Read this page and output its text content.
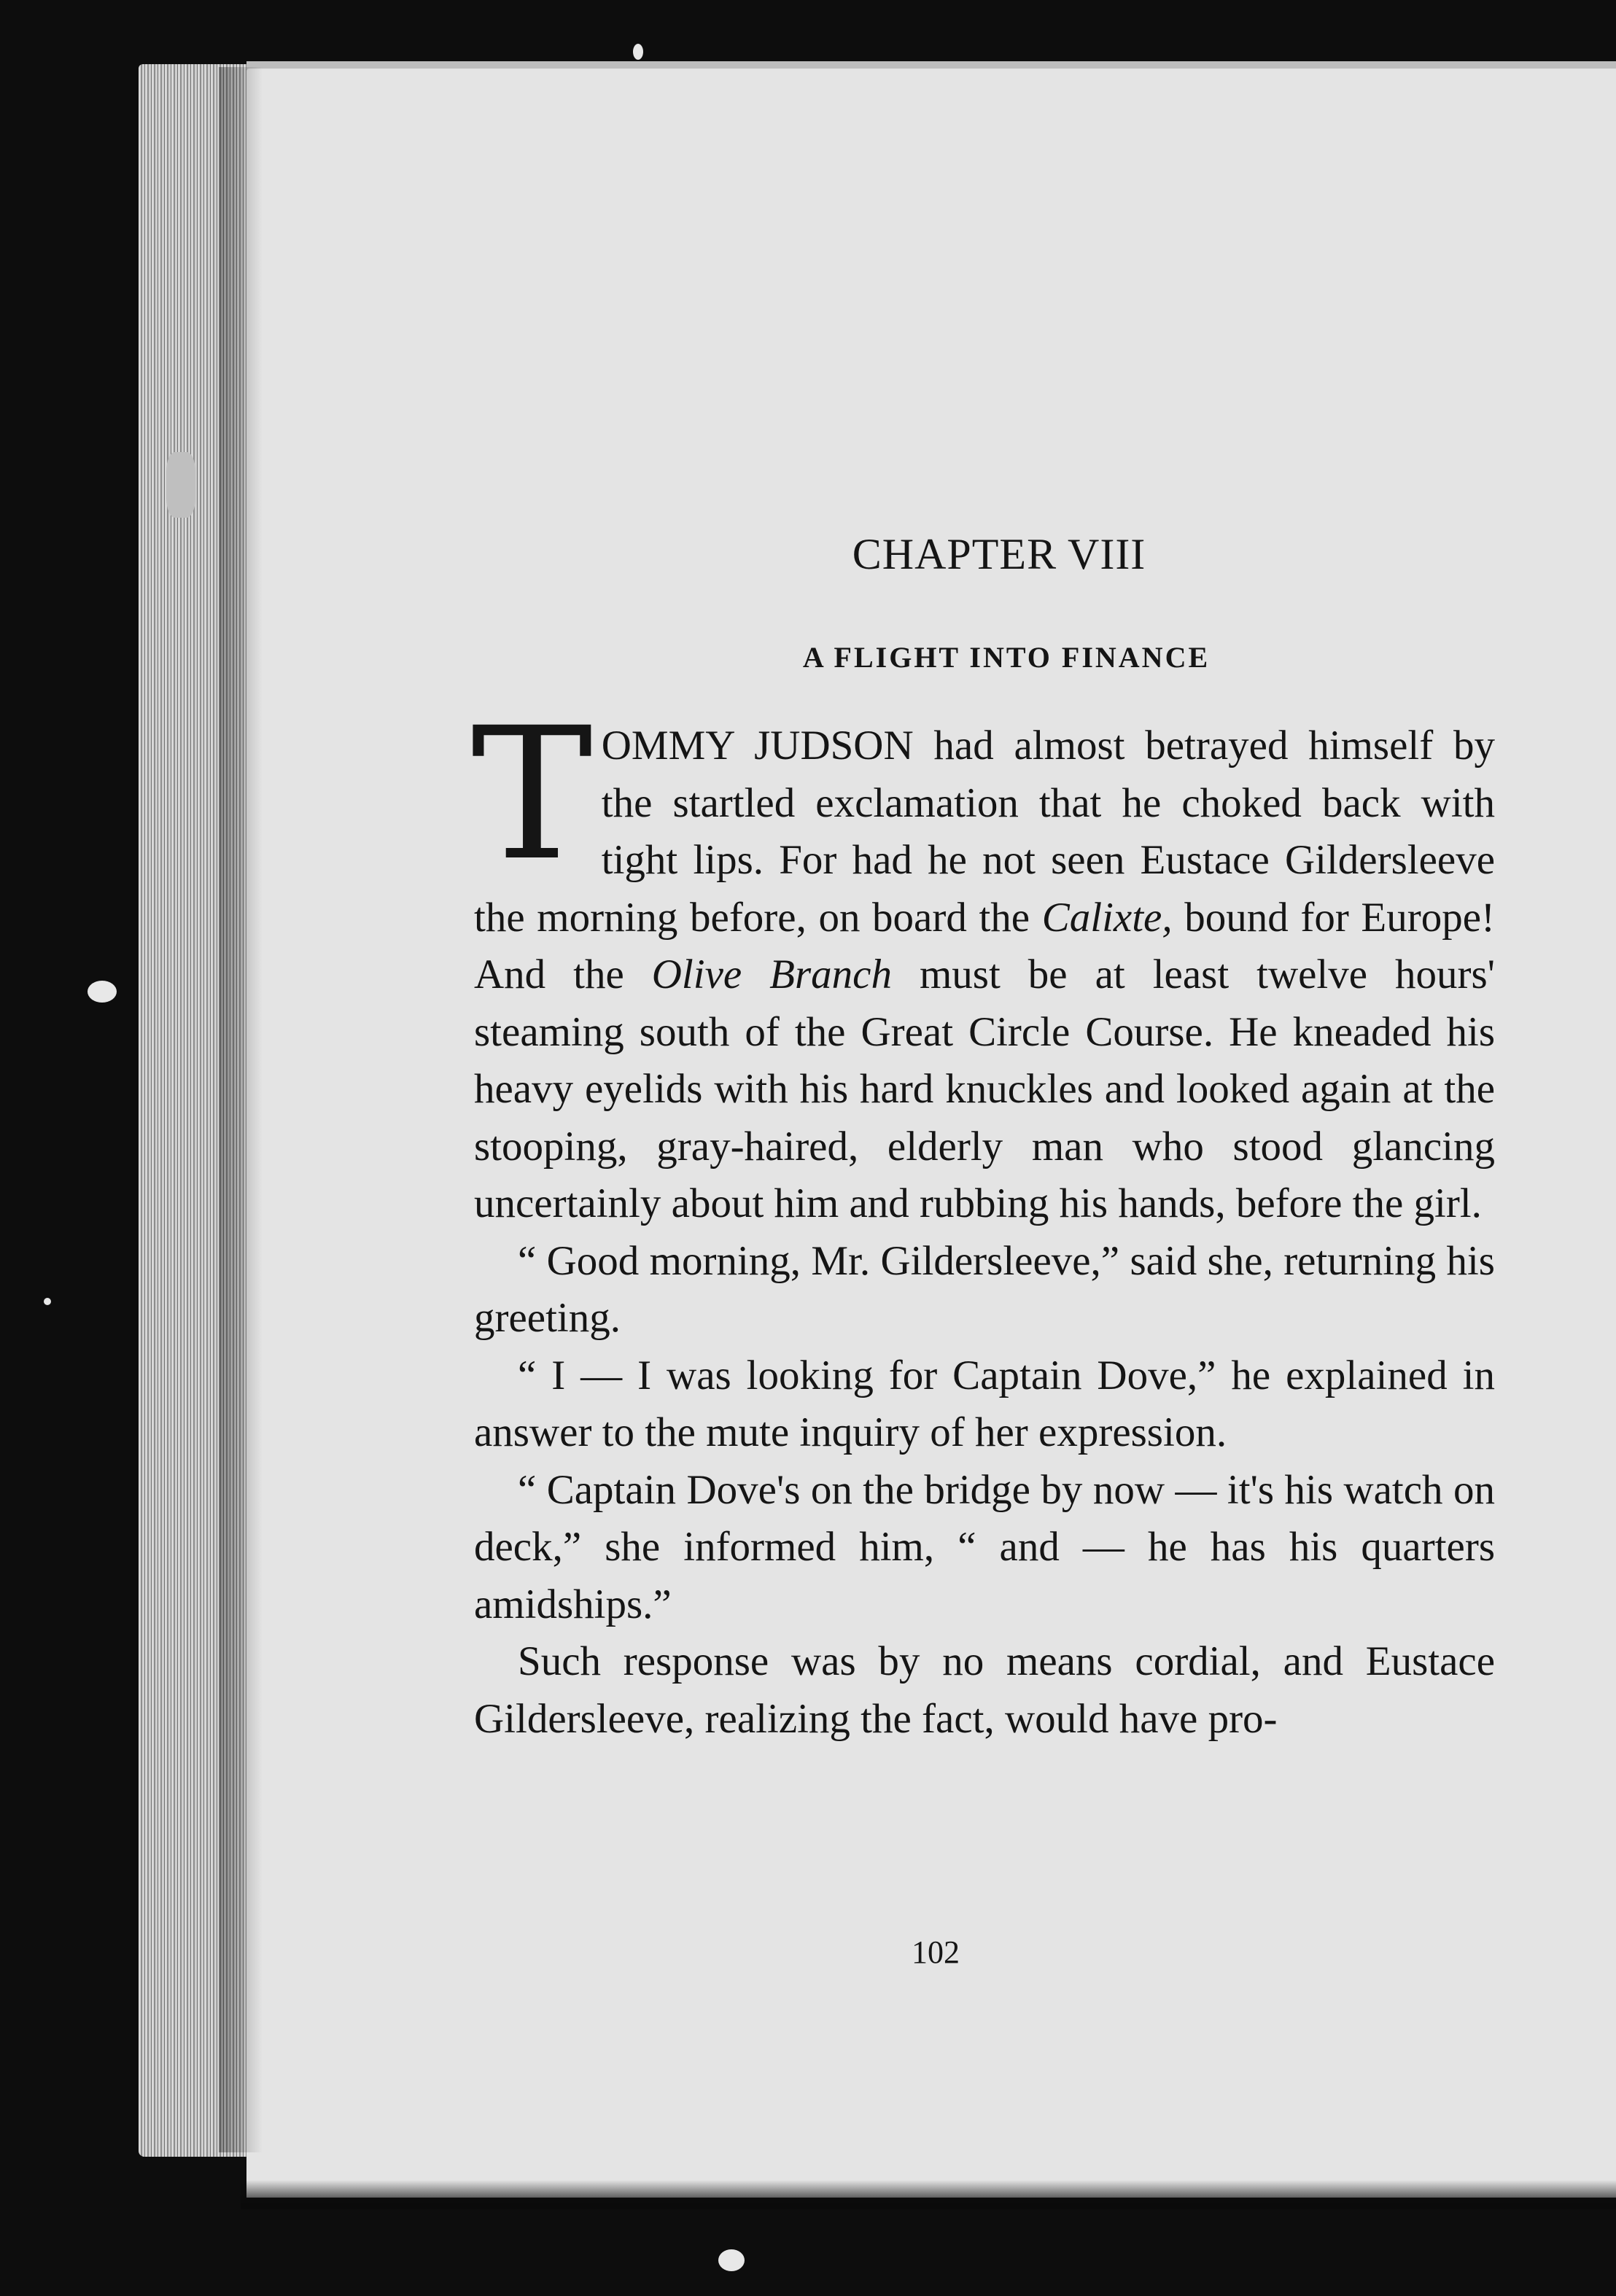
CHAPTER VIII
A FLIGHT INTO FINANCE

TOMMY JUDSON had almost betrayed himself by the startled exclamation that he choked back with tight lips. For had he not seen Eustace Gildersleeve the morning before, on board the Calixte, bound for Europe! And the Olive Branch must be at least twelve hours' steaming south of the Great Circle Course. He kneaded his heavy eyelids with his hard knuckles and looked again at the stooping, gray-haired, elderly man who stood glancing uncertainly about him and rubbing his hands, before the girl.

“ Good morning, Mr. Gildersleeve,” said she, returning his greeting.

“ I — I was looking for Captain Dove,” he explained in answer to the mute inquiry of her expression.

“ Captain Dove's on the bridge by now — it's his watch on deck,” she informed him, “ and — he has his quarters amidships.”

Such response was by no means cordial, and Eustace Gildersleeve, realizing the fact, would have pro-

102
